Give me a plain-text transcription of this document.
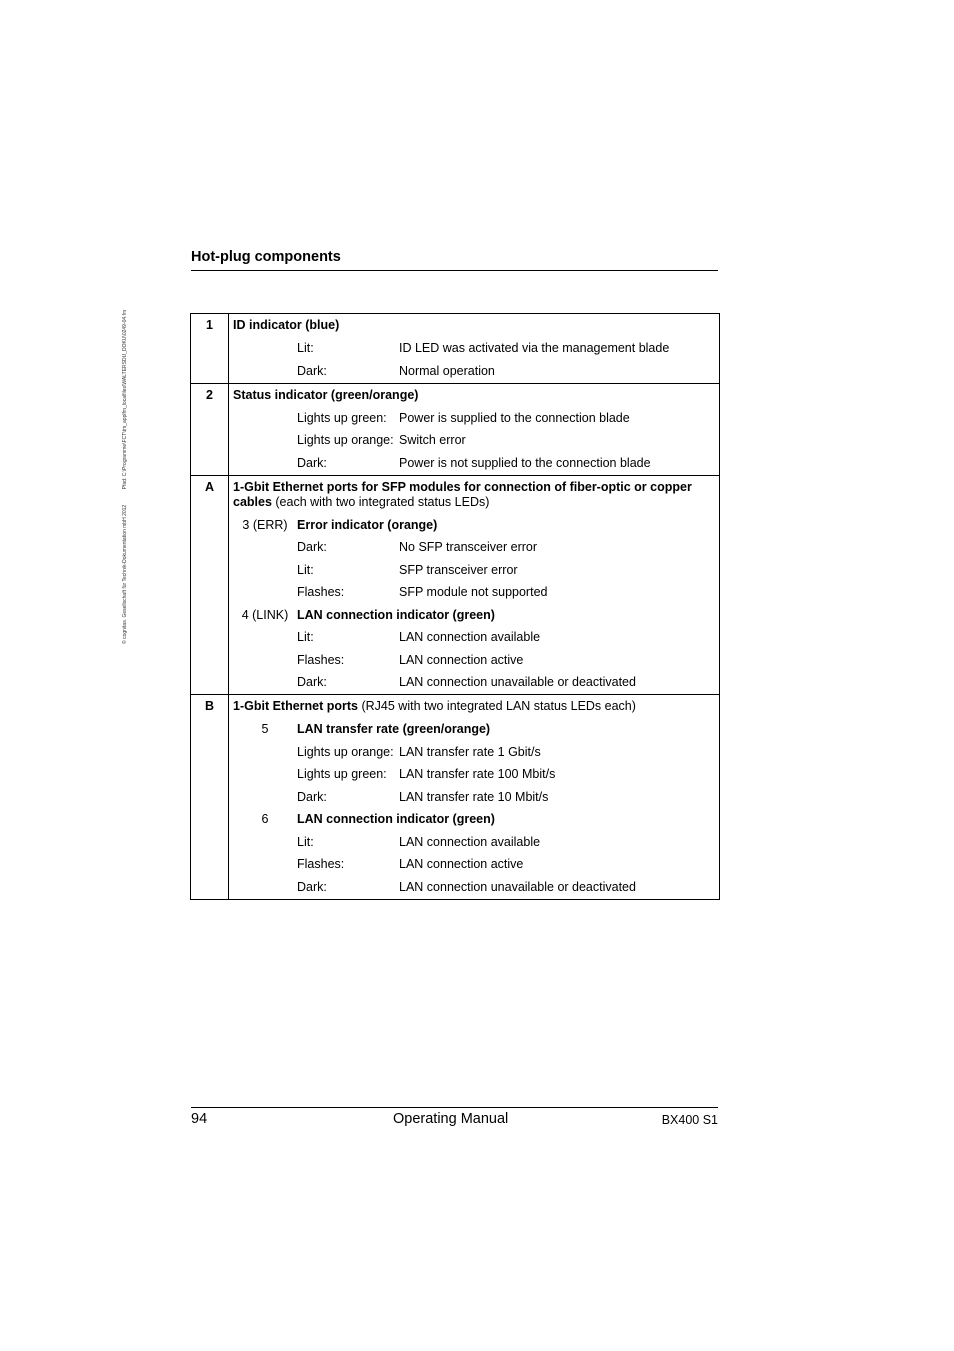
© cognitas. Gesellschaft für Technik-Dokumentation mbH 2012 Pfad: C:\Programme\FCT\tm_applfm_localfiles\WALTERSDU_DOKU\0249-04.fm
Hot-plug components
1	ID indicator (blue)
Lit:	ID LED was activated via the management blade
Dark:	Normal operation
2	Status indicator (green/orange)
Lights up green: Power is supplied to the connection blade
Lights up orange: Switch error
Dark:	Power is not supplied to the connection blade
A	1-Gbit Ethernet ports for SFP modules for connection of fiber-optic or copper cables (each with two integrated status LEDs)
3 (ERR) Error indicator (orange)
Dark:	No SFP transceiver error
Lit:	SFP transceiver error
Flashes:	SFP module not supported
4 (LINK) LAN connection indicator (green)
Lit:	LAN connection available
Flashes:	LAN connection active
Dark:	LAN connection unavailable or deactivated
B	1-Gbit Ethernet ports (RJ45 with two integrated LAN status LEDs each)
5	LAN transfer rate (green/orange)
Lights up orange: LAN transfer rate 1 Gbit/s
Lights up green: LAN transfer rate 100 Mbit/s
Dark:	LAN transfer rate 10 Mbit/s
6	LAN connection indicator (green)
Lit:	LAN connection available
Flashes:	LAN connection active
Dark:	LAN connection unavailable or deactivated
94	Operating Manual	BX400 S1
